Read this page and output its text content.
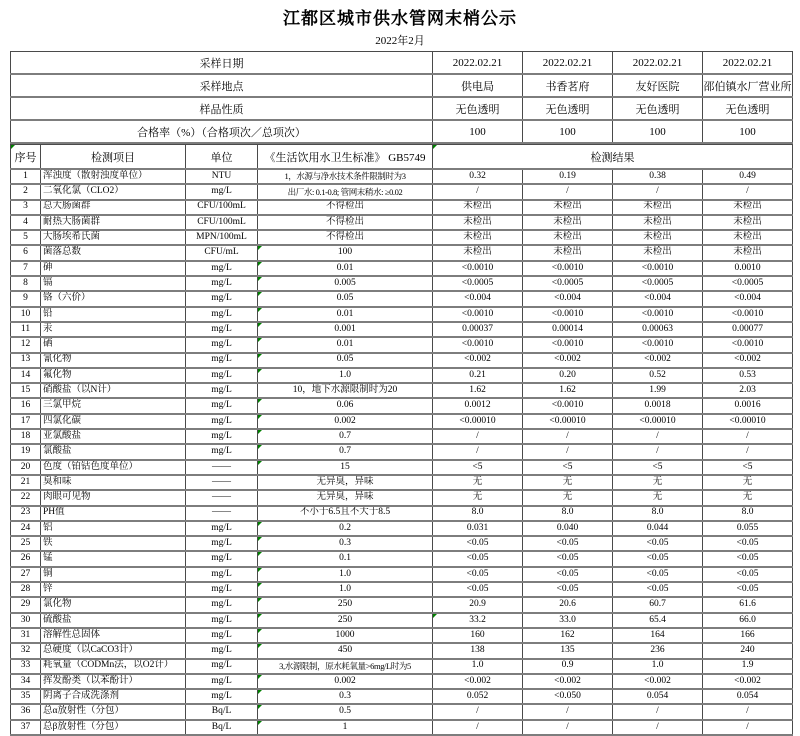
江都区城市供水管网末梢公示
2022年2月
采样日期	2022.02.21	2022.02.21	2022.02.21	2022.02.21
采样地点	供电局	书香茗府	友好医院	邵伯镇水厂营业所
样品性质	无色透明	无色透明	无色透明	无色透明
合格率（%）（合格项次／总项次）	100	100	100	100
序号	检测项目	单位	《生活饮用水卫生标准》 GB5749	检测结果			
1	浑浊度（散射浊度单位）	NTU	1，水源与净水技术条件限制时为3	0.32	0.19	0.38	0.49
2	二氧化氯（CLO2）	mg/L	出厂水: 0.1-0.8; 管网末稍水: ≥0.02	/	/	/	/
3	总大肠菌群	CFU/100mL	不得检出	未检出	未检出	未检出	未检出
4	耐热大肠菌群	CFU/100mL	不得检出	未检出	未检出	未检出	未检出
5	大肠埃希氏菌	MPN/100mL	不得检出	未检出	未检出	未检出	未检出
6	菌落总数	CFU/mL	100	未检出	未检出	未检出	未检出
7	砷	mg/L	0.01	<0.0010	<0.0010	<0.0010	0.0010
8	镉	mg/L	0.005	<0.0005	<0.0005	<0.0005	<0.0005
9	铬（六价）	mg/L	0.05	<0.004	<0.004	<0.004	<0.004
10	铅	mg/L	0.01	<0.0010	<0.0010	<0.0010	<0.0010
11	汞	mg/L	0.001	0.00037	0.00014	0.00063	0.00077
12	硒	mg/L	0.01	<0.0010	<0.0010	<0.0010	<0.0010
13	氰化物	mg/L	0.05	<0.002	<0.002	<0.002	<0.002
14	氟化物	mg/L	1.0	0.21	0.20	0.52	0.53
15	硝酸盐（以N计）	mg/L	10，地下水源限制时为20	1.62	1.62	1.99	2.03
16	三氯甲烷	mg/L	0.06	0.0012	<0.0010	0.0018	0.0016
17	四氯化碳	mg/L	0.002	<0.00010	<0.00010	<0.00010	<0.00010
18	亚氯酸盐	mg/L	0.7	/	/	/	/
19	氯酸盐	mg/L	0.7	/	/	/	/
20	色度（铂钴色度单位）	——	15	<5	<5	<5	<5
21	臭和味	——	无异臭，异味	无	无	无	无
22	肉眼可见物	——	无异臭，异味	无	无	无	无
23	PH值	——	不小于6.5且不大于8.5	8.0	8.0	8.0	8.0
24	铝	mg/L	0.2	0.031	0.040	0.044	0.055
25	铁	mg/L	0.3	<0.05	<0.05	<0.05	<0.05
26	锰	mg/L	0.1	<0.05	<0.05	<0.05	<0.05
27	铜	mg/L	1.0	<0.05	<0.05	<0.05	<0.05
28	锌	mg/L	1.0	<0.05	<0.05	<0.05	<0.05
29	氯化物	mg/L	250	20.9	20.6	60.7	61.6
30	硫酸盐	mg/L	250	33.2	33.0	65.4	66.0
31	溶解性总固体	mg/L	1000	160	162	164	166
32	总硬度（以CaCO3计）	mg/L	450	138	135	236	240
33	耗氧量（CODMn法，以O2计）	mg/L	3,水源限制，原水耗氧量>6mg/L时为5	1.0	0.9	1.0	1.9
34	挥发酚类（以苯酚计）	mg/L	0.002	<0.002	<0.002	<0.002	<0.002
35	阴离子合成洗涤剂	mg/L	0.3	0.052	<0.050	0.054	0.054
36	总α放射性（分包）	Bq/L	0.5	/	/	/	/
37	总β放射性（分包）	Bq/L	1	/	/	/	/
